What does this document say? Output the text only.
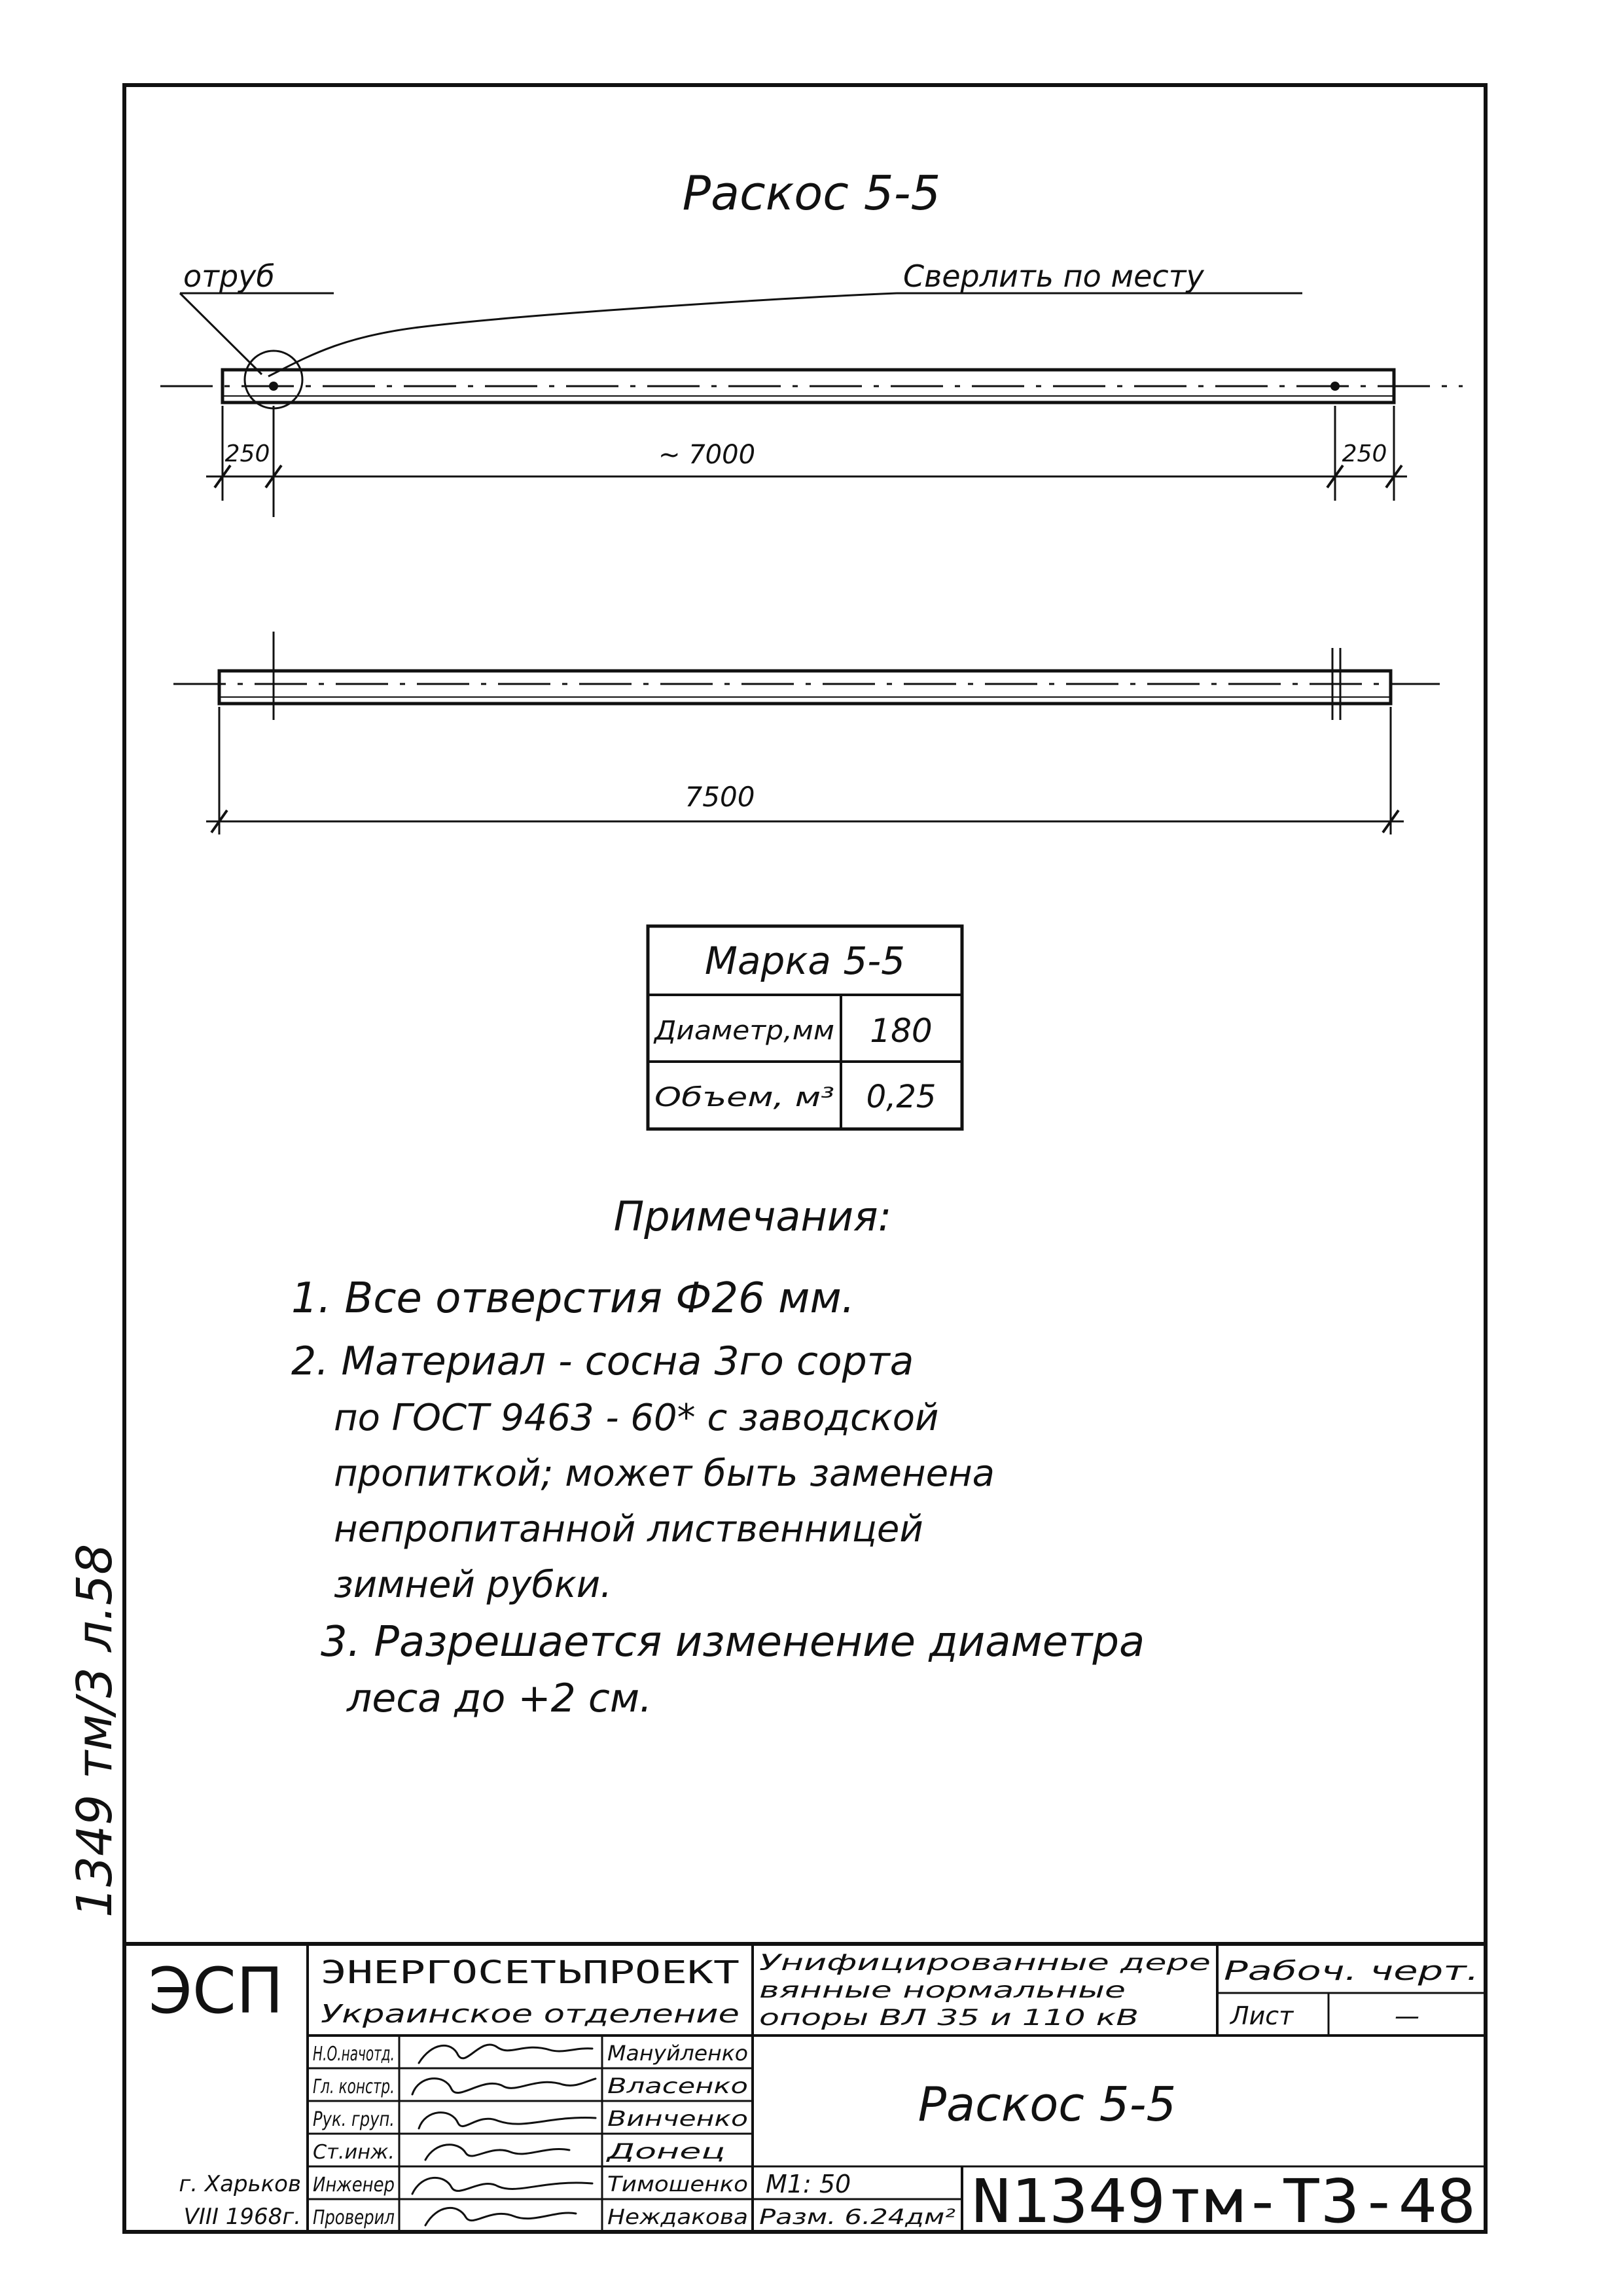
Раскос 5-5
отруб	Сверлить по месту
250	~ 7000	250
7500
Марка 5-5
Диаметр,мм 180
Объем, м³ 0,25
Примечания:
1. Все отверстия Ф26 мм.
2. Материал - сосна 3го сорта
по ГОСТ 9463 - 60* с заводской
пропиткой; может быть заменена
непропитанной лиственницей
зимней рубки.
3. Разрешается изменение диаметра
леса до +2 см.
1349 тм/3 л.58
ЭСП ЭНЕРГОСЕТЬПРОЕКТ
Украинское отделение
Унифицированные дере
вянные нормальные
опоры ВЛ 35 и 110 кВ
Рабоч. черт.
Лист	—
Н.О.начотд.	Мануйленко
Гл. констр.	Власенко
Рук. груп.	Винченко
Ст.инж.	Донец
Инженер	Тимошенко
Проверил	Неждакова
Раскос 5-5
М1: 50
Разм. 6.24дм² N1349тм-Т3-48
г. Харьков
VIII 1968г.
